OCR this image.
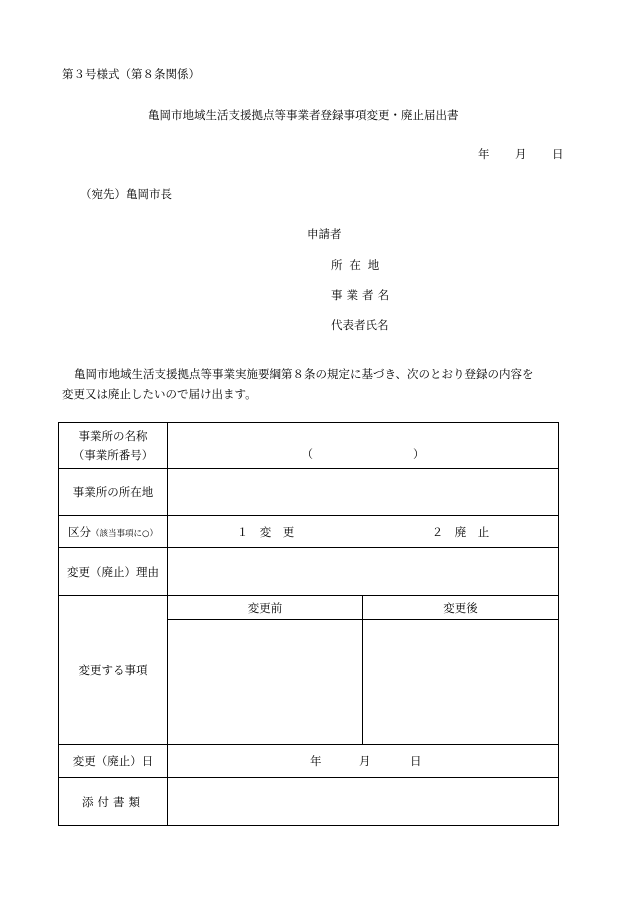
第３号様式（第８条関係）
亀岡市地域生活支援拠点等事業者登録事項変更・廃止届出書
年 月 日
（宛先）亀岡市長
申請者
所在地
事業者名
代表者氏名
亀岡市地域生活支援拠点等事業実施要綱第８条の規定に基づき、次のとおり登録の内容を
変更又は廃止したいので届け出ます。
事業所の名称
（事業所番号）	（ ）	
事業所の所在地		
区分（該当事項に○）	１　変　更 ２　廃　止	

変更（廃止）理由		
変更する事項	変更前	変更後

変更（廃止）日	年 月 日	

添付書類		
